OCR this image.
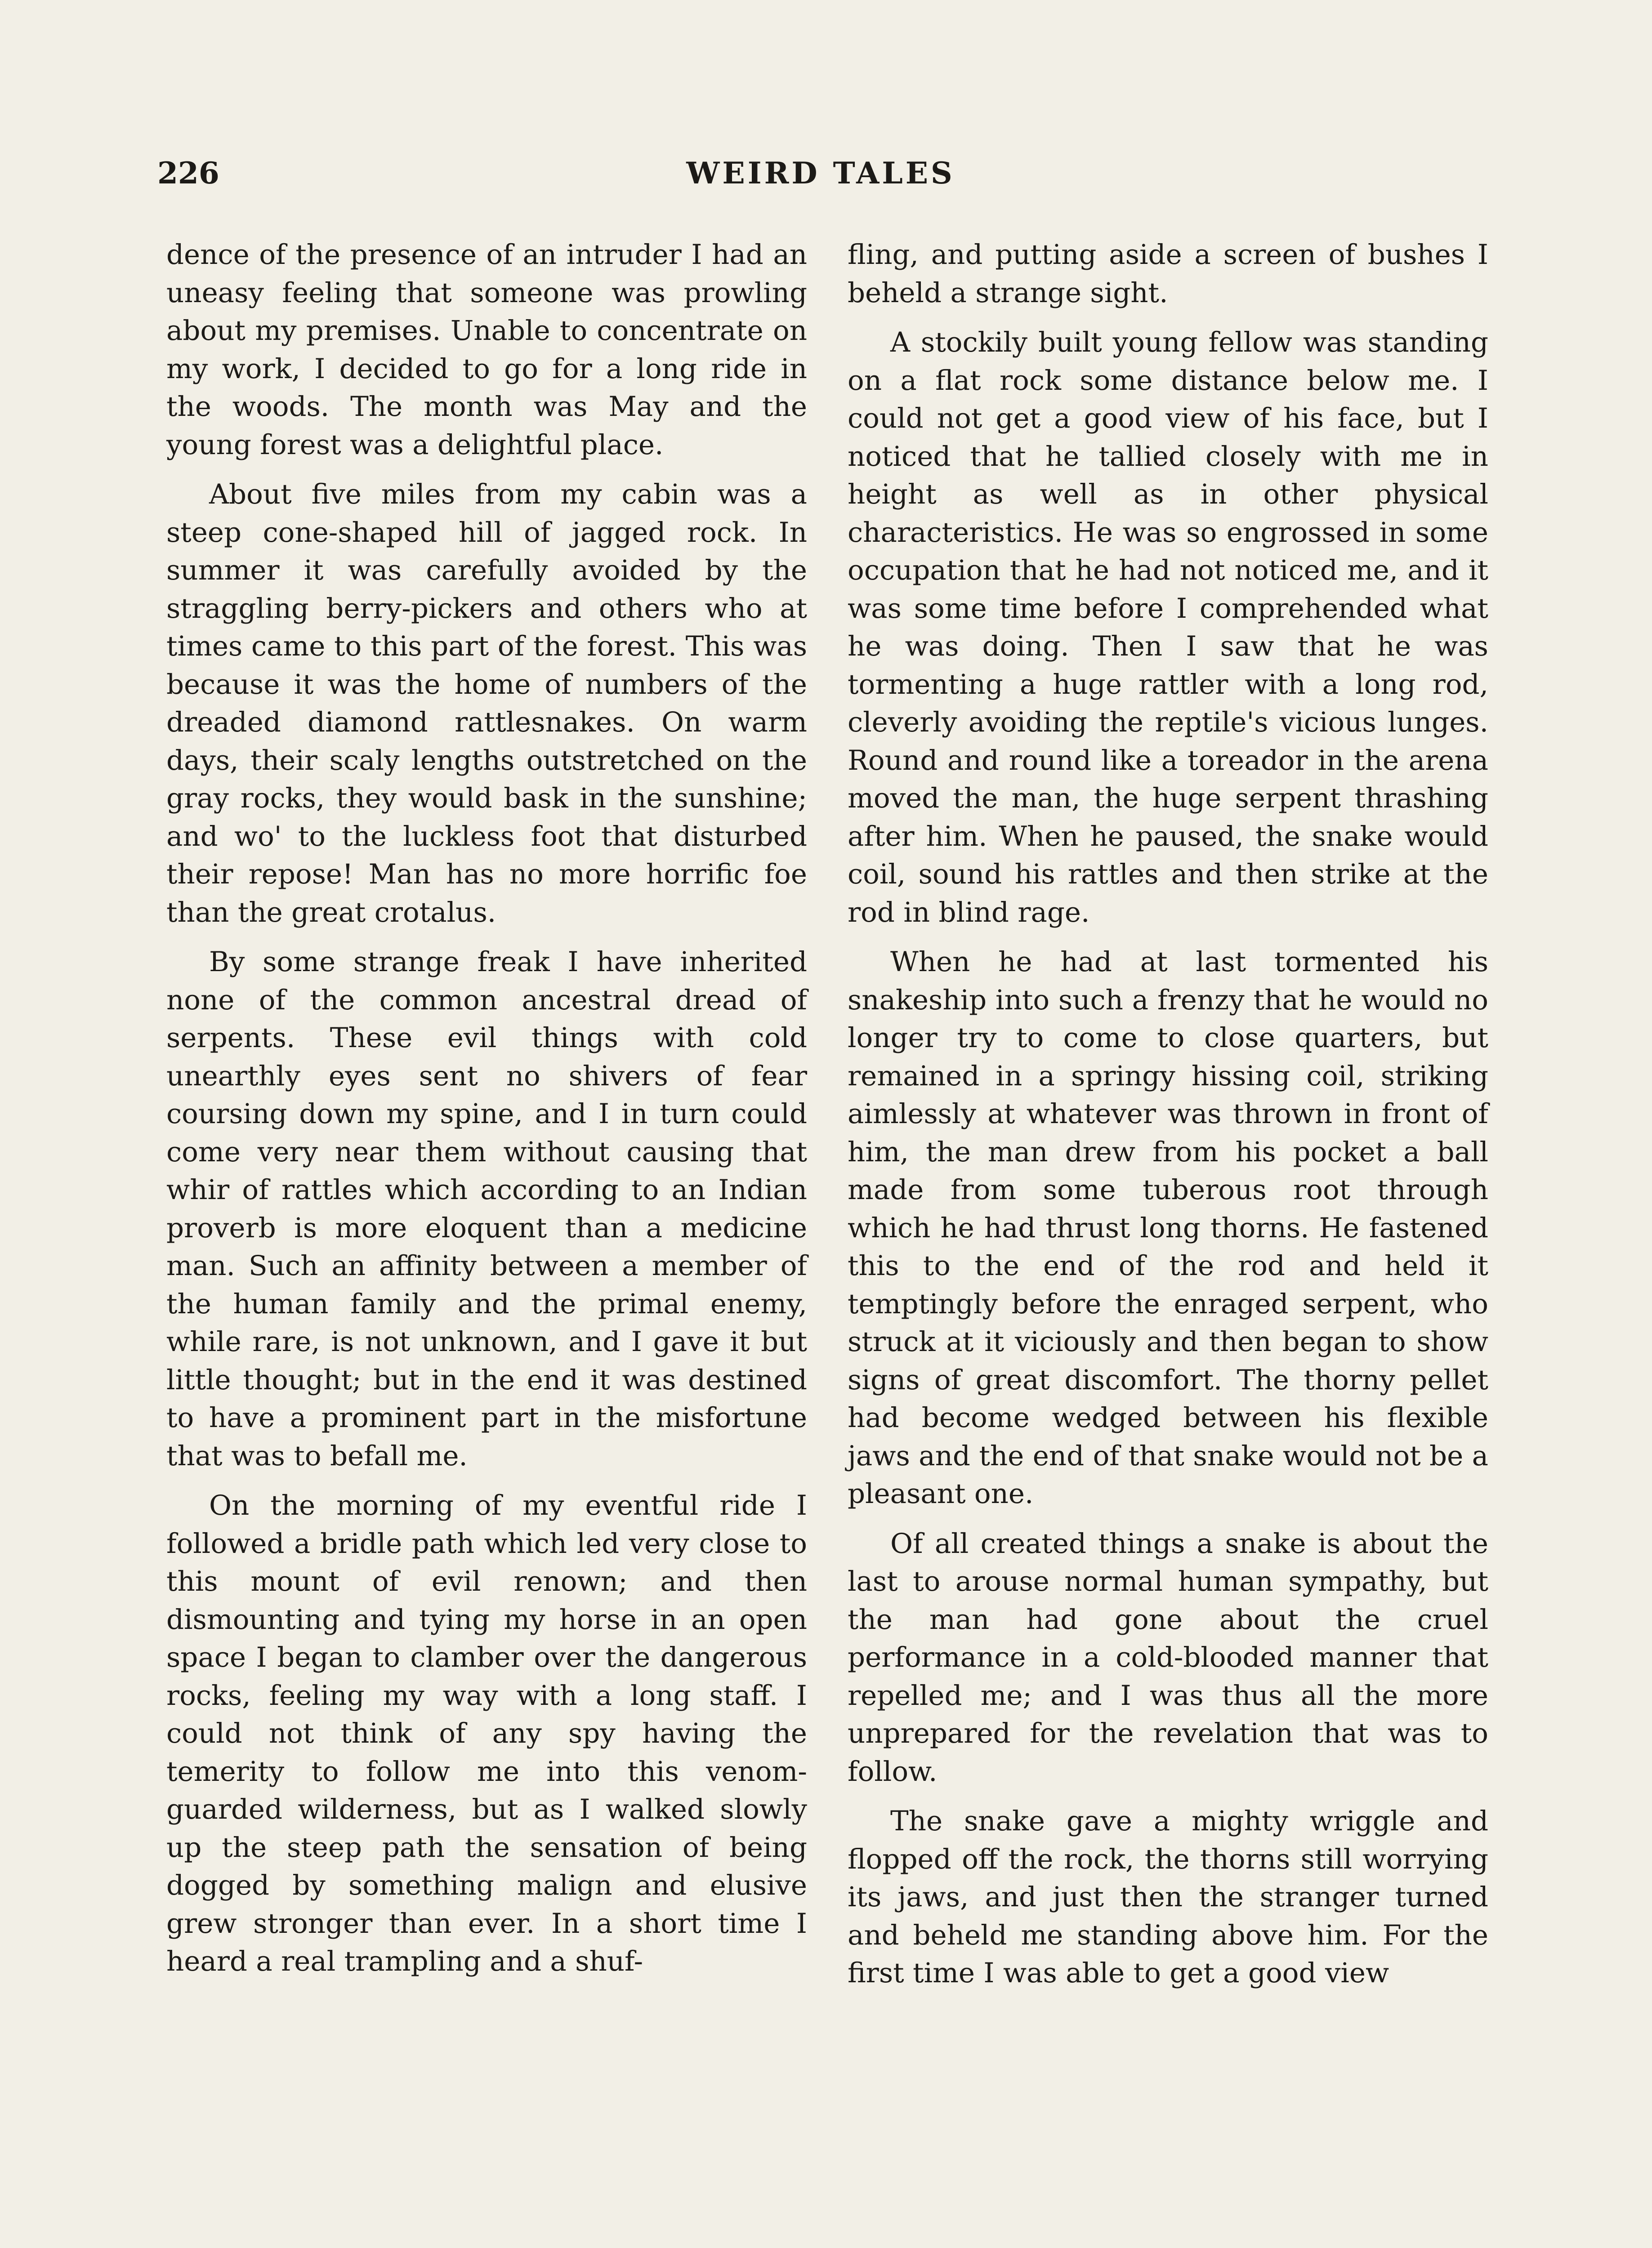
226	WEIRD TALES

dence of the presence of an intruder I had an uneasy feeling that someone was prowling about my premises. Unable to concentrate on my work, I decided to go for a long ride in the woods. The month was May and the young forest was a delightful place.

About five miles from my cabin was a steep cone-shaped hill of jagged rock. In summer it was carefully avoided by the straggling berry-pickers and others who at times came to this part of the forest. This was because it was the home of numbers of the dreaded diamond rattlesnakes. On warm days, their scaly lengths outstretched on the gray rocks, they would bask in the sunshine; and wo' to the luckless foot that disturbed their repose! Man has no more horrific foe than the great crotalus.

By some strange freak I have inherited none of the common ancestral dread of serpents. These evil things with cold unearthly eyes sent no shivers of fear coursing down my spine, and I in turn could come very near them without causing that whir of rattles which according to an Indian proverb is more eloquent than a medicine man. Such an affinity between a member of the human family and the primal enemy, while rare, is not unknown, and I gave it but little thought; but in the end it was destined to have a prominent part in the misfortune that was to befall me.

On the morning of my eventful ride I followed a bridle path which led very close to this mount of evil renown; and then dismounting and tying my horse in an open space I began to clamber over the dangerous rocks, feeling my way with a long staff. I could not think of any spy having the temerity to follow me into this venom-guarded wilderness, but as I walked slowly up the steep path the sensation of being dogged by something malign and elusive grew stronger than ever. In a short time I heard a real trampling and a shuf-

fling, and putting aside a screen of bushes I beheld a strange sight.

A stockily built young fellow was standing on a flat rock some distance below me. I could not get a good view of his face, but I noticed that he tallied closely with me in height as well as in other physical characteristics. He was so engrossed in some occupation that he had not noticed me, and it was some time before I comprehended what he was doing. Then I saw that he was tormenting a huge rattler with a long rod, cleverly avoiding the reptile's vicious lunges. Round and round like a toreador in the arena moved the man, the huge serpent thrashing after him. When he paused, the snake would coil, sound his rattles and then strike at the rod in blind rage.

When he had at last tormented his snakeship into such a frenzy that he would no longer try to come to close quarters, but remained in a springy hissing coil, striking aimlessly at whatever was thrown in front of him, the man drew from his pocket a ball made from some tuberous root through which he had thrust long thorns. He fastened this to the end of the rod and held it temptingly before the enraged serpent, who struck at it viciously and then began to show signs of great discomfort. The thorny pellet had become wedged between his flexible jaws and the end of that snake would not be a pleasant one.

Of all created things a snake is about the last to arouse normal human sympathy, but the man had gone about the cruel performance in a cold-blooded manner that repelled me; and I was thus all the more unprepared for the revelation that was to follow.

The snake gave a mighty wriggle and flopped off the rock, the thorns still worrying its jaws, and just then the stranger turned and beheld me standing above him. For the first time I was able to get a good view
